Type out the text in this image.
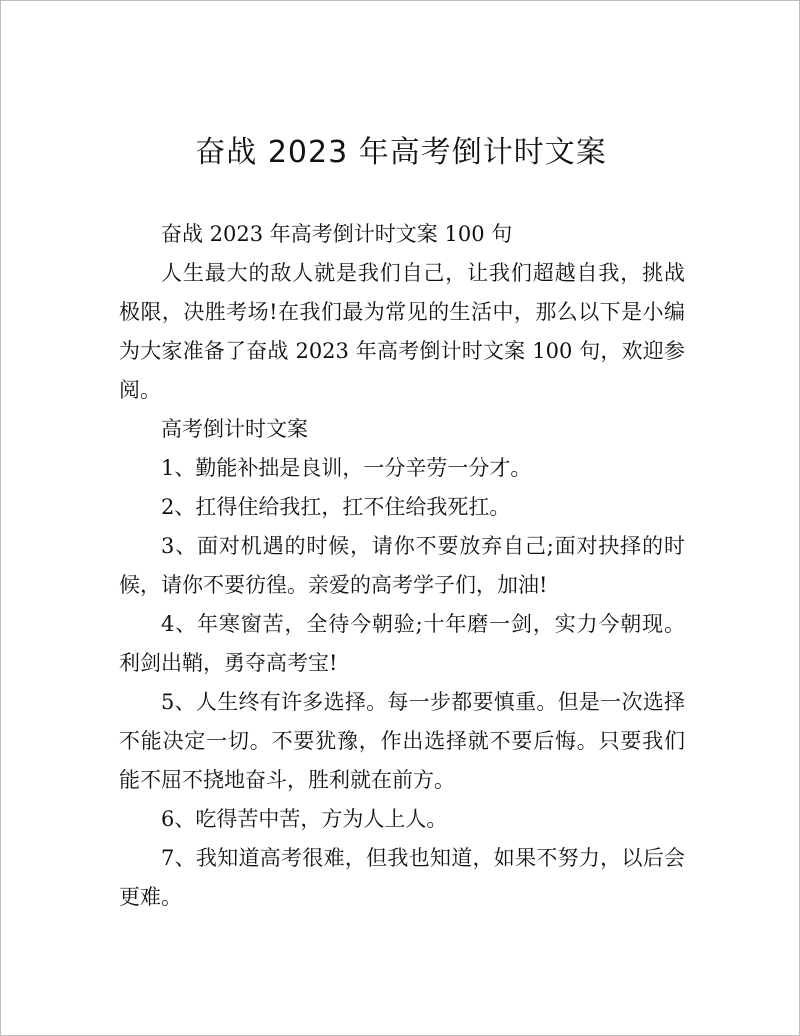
奋战 2023 年高考倒计时文案

奋战 2023 年高考倒计时文案 100 句

人生最大的敌人就是我们自己，让我们超越自我，挑战极限，决胜考场!在我们最为常见的生活中，那么以下是小编为大家准备了奋战 2023 年高考倒计时文案 100 句，欢迎参阅。

高考倒计时文案

1、勤能补拙是良训，一分辛劳一分才。

2、扛得住给我扛，扛不住给我死扛。

3、面对机遇的时候，请你不要放弃自己;面对抉择的时候，请你不要彷徨。亲爱的高考学子们，加油!

4、年寒窗苦，全待今朝验;十年磨一剑，实力今朝现。利剑出鞘，勇夺高考宝!

5、人生终有许多选择。每一步都要慎重。但是一次选择不能决定一切。不要犹豫，作出选择就不要后悔。只要我们能不屈不挠地奋斗，胜利就在前方。

6、吃得苦中苦，方为人上人。

7、我知道高考很难，但我也知道，如果不努力，以后会更难。
